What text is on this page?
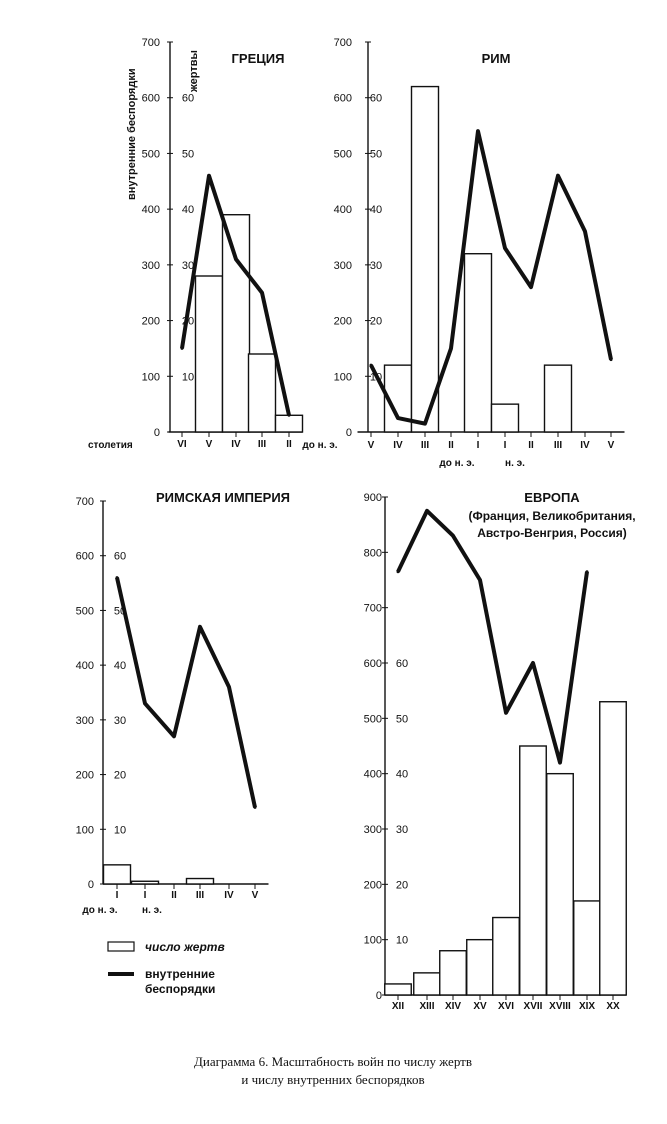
внутренние беспорядки	жертвы
столетия
число жертв
внутренние
беспорядки
Диаграмма 6. Масштабность войн по числу жертв
и числу внутренних беспорядков
ГРЕЦИЯ
0
100
200
300
400
500
600
700
10
20
30
40
50
60
VI V IV III II до н. э.
РИМ
0
100
200
300
400
500
600
700
10
20
30
40
50
60
V IV III II I I II III IV V
до н. э.	н. э.
РИМСКАЯ ИМПЕРИЯ
0
100
200
300
400
500
600
700
10
20
30
40
50
60
I	I II III IV V
до н. э. н. э.
ЕВРОПА
(Франция, Великобритания,
Австро-Венгрия, Россия)
0
100
200
300
400
500
600
700
800
900
10
20
30
40
50
60
XII XIII XIV XV XVI XVII XVIII XIX XX
